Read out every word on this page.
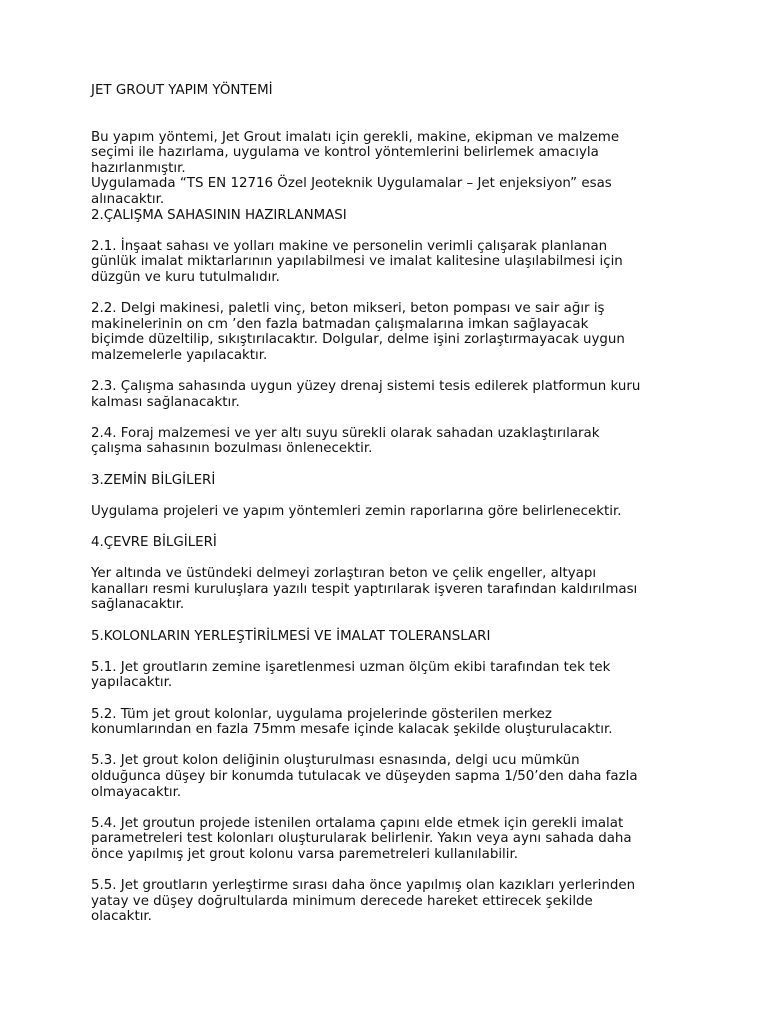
JET GROUT YAPIM YÖNTEMİ

Bu yapım yöntemi, Jet Grout imalatı için gerekli, makine, ekipman ve malzeme
seçimi ile hazırlama, uygulama ve kontrol yöntemlerini belirlemek amacıyla
hazırlanmıştır.

Uygulamada “TS EN 12716 Özel Jeoteknik Uygulamalar – Jet enjeksiyon” esas
alınacaktır.

2.ÇALIŞMA SAHASININ HAZIRLANMASI

2.1. İnşaat sahası ve yolları makine ve personelin verimli çalışarak planlanan
günlük imalat miktarlarının yapılabilmesi ve imalat kalitesine ulaşılabilmesi için
düzgün ve kuru tutulmalıdır.

2.2. Delgi makinesi, paletli vinç, beton mikseri, beton pompası ve sair ağır iş
makinelerinin on cm ’den fazla batmadan çalışmalarına imkan sağlayacak
biçimde düzeltilip, sıkıştırılacaktır. Dolgular, delme işini zorlaştırmayacak uygun
malzemelerle yapılacaktır.

2.3. Çalışma sahasında uygun yüzey drenaj sistemi tesis edilerek platformun kuru
kalması sağlanacaktır.

2.4. Foraj malzemesi ve yer altı suyu sürekli olarak sahadan uzaklaştırılarak
çalışma sahasının bozulması önlenecektir.

3.ZEMİN BİLGİLERİ

Uygulama projeleri ve yapım yöntemleri zemin raporlarına göre belirlenecektir.

4.ÇEVRE BİLGİLERİ

Yer altında ve üstündeki delmeyi zorlaştıran beton ve çelik engeller, altyapı
kanalları resmi kuruluşlara yazılı tespit yaptırılarak işveren tarafından kaldırılması
sağlanacaktır.

5.KOLONLARIN YERLEŞTİRİLMESİ VE İMALAT TOLERANSLARI

5.1. Jet groutların zemine işaretlenmesi uzman ölçüm ekibi tarafından tek tek
yapılacaktır.

5.2. Tüm jet grout kolonlar, uygulama projelerinde gösterilen merkez
konumlarından en fazla 75mm mesafe içinde kalacak şekilde oluşturulacaktır.

5.3. Jet grout kolon deliğinin oluşturulması esnasında, delgi ucu mümkün
olduğunca düşey bir konumda tutulacak ve düşeyden sapma 1/50’den daha fazla
olmayacaktır.

5.4. Jet groutun projede istenilen ortalama çapını elde etmek için gerekli imalat
parametreleri test kolonları oluşturularak belirlenir. Yakın veya aynı sahada daha
önce yapılmış jet grout kolonu varsa paremetreleri kullanılabilir.

5.5. Jet groutların yerleştirme sırası daha önce yapılmış olan kazıkları yerlerinden
yatay ve düşey doğrultularda minimum derecede hareket ettirecek şekilde
olacaktır.
